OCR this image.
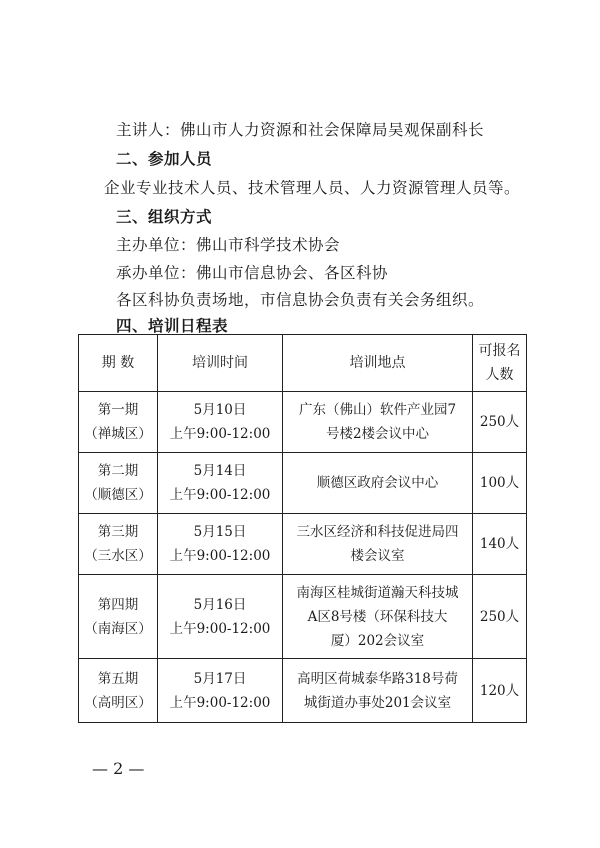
主讲人：佛山市人力资源和社会保障局吴观保副科长
二、参加人员
企业专业技术人员、技术管理人员、人力资源管理人员等。
三、组织方式
主办单位：佛山市科学技术协会
承办单位：佛山市信息协会、各区科协
各区科协负责场地，市信息协会负责有关会务组织。
四、培训日程表
期 数	培训时间	培训地点	可报名
人数

第一期
（禅城区）	5月10日
上午9:00-12:00	广东（佛山）软件产业园7
号楼2楼会议中心	250人

第二期
（顺德区）	5月14日
上午9:00-12:00	顺德区政府会议中心	100人

第三期
（三水区）	5月15日
上午9:00-12:00	三水区经济和科技促进局四
楼会议室	140人

第四期
（南海区）	5月16日
上午9:00-12:00	南海区桂城街道瀚天科技城
A区8号楼（环保科技大
厦）202会议室	250人

第五期
（高明区）	5月17日
上午9:00-12:00	高明区荷城泰华路318号荷
城街道办事处201会议室	120人
— 2 —
